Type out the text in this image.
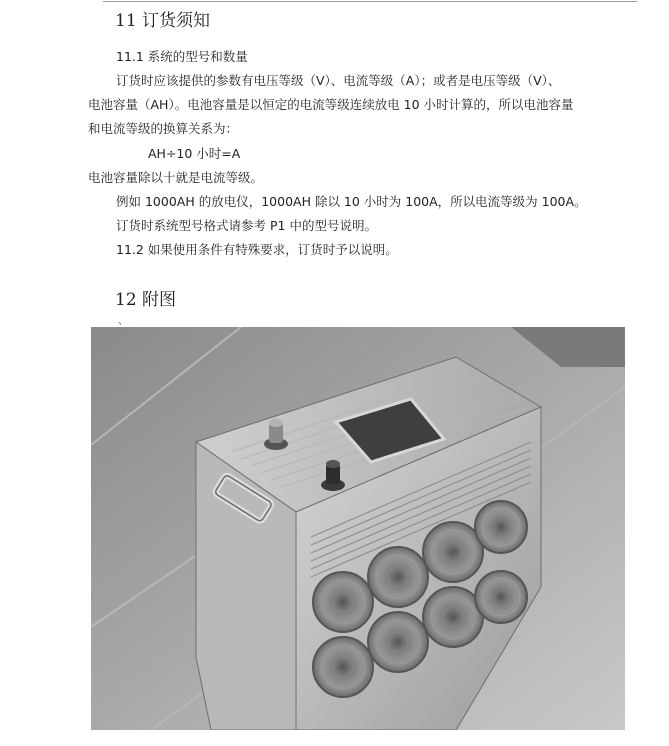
11 订货须知
11.1 系统的型号和数量
订货时应该提供的参数有电压等级（V）、电流等级（A）；或者是电压等级（V）、
电池容量（AH）。电池容量是以恒定的电流等级连续放电 10 小时计算的，所以电池容量
和电流等级的换算关系为：
AH÷10 小时=A
电池容量除以十就是电流等级。
例如 1000AH 的放电仪，1000AH 除以 10 小时为 100A，所以电流等级为 100A。
订货时系统型号格式请参考 P1 中的型号说明。
11.2 如果使用条件有特殊要求，订货时予以说明。
12 附图
、
